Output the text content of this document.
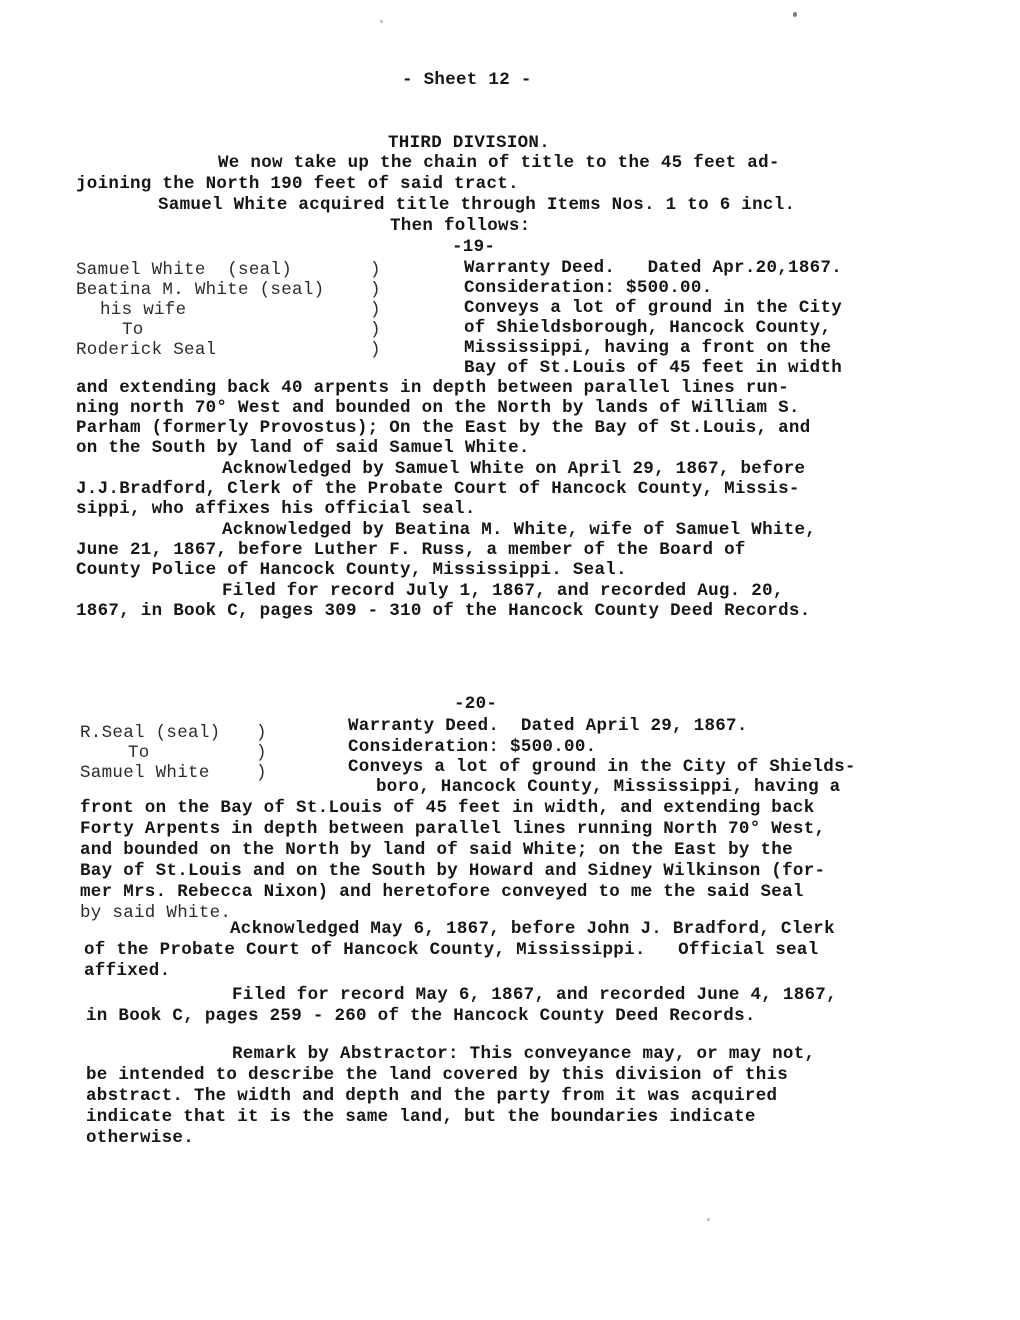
- Sheet 12 -
THIRD DIVISION.
We now take up the chain of title to the 45 feet ad-
joining the North 190 feet of said tract.
Samuel White acquired title through Items Nos. 1 to 6 incl.
Then follows:
-19-
Samuel White  (seal)
Beatina M. White (seal)
his wife
To
Roderick Seal
)
)
)
)
)
Warranty Deed.   Dated Apr.20,1867.
Consideration: $500.00.
Conveys a lot of ground in the City
of Shieldsborough, Hancock County,
Mississippi, having a front on the
Bay of St.Louis of 45 feet in width
and extending back 40 arpents in depth between parallel lines run-
ning north 70° West and bounded on the North by lands of William S.
Parham (formerly Provostus); On the East by the Bay of St.Louis, and
on the South by land of said Samuel White.
Acknowledged by Samuel White on April 29, 1867, before
J.J.Bradford, Clerk of the Probate Court of Hancock County, Missis-
sippi, who affixes his official seal.
Acknowledged by Beatina M. White, wife of Samuel White,
June 21, 1867, before Luther F. Russ, a member of the Board of
County Police of Hancock County, Mississippi. Seal.
Filed for record July 1, 1867, and recorded Aug. 20,
1867, in Book C, pages 309 - 310 of the Hancock County Deed Records.
-20-
R.Seal (seal)
To
Samuel White
)
)
)
Warranty Deed.  Dated April 29, 1867.
Consideration: $500.00.
Conveys a lot of ground in the City of Shields-
boro, Hancock County, Mississippi, having a
front on the Bay of St.Louis of 45 feet in width, and extending back
Forty Arpents in depth between parallel lines running North 70° West,
and bounded on the North by land of said White; on the East by the
Bay of St.Louis and on the South by Howard and Sidney Wilkinson (for-
mer Mrs. Rebecca Nixon) and heretofore conveyed to me the said Seal
by said White.
Acknowledged May 6, 1867, before John J. Bradford, Clerk
of the Probate Court of Hancock County, Mississippi.   Official seal
affixed.
Filed for record May 6, 1867, and recorded June 4, 1867,
in Book C, pages 259 - 260 of the Hancock County Deed Records.
Remark by Abstractor: This conveyance may, or may not,
be intended to describe the land covered by this division of this
abstract. The width and depth and the party from it was acquired
indicate that it is the same land, but the boundaries indicate
otherwise.
